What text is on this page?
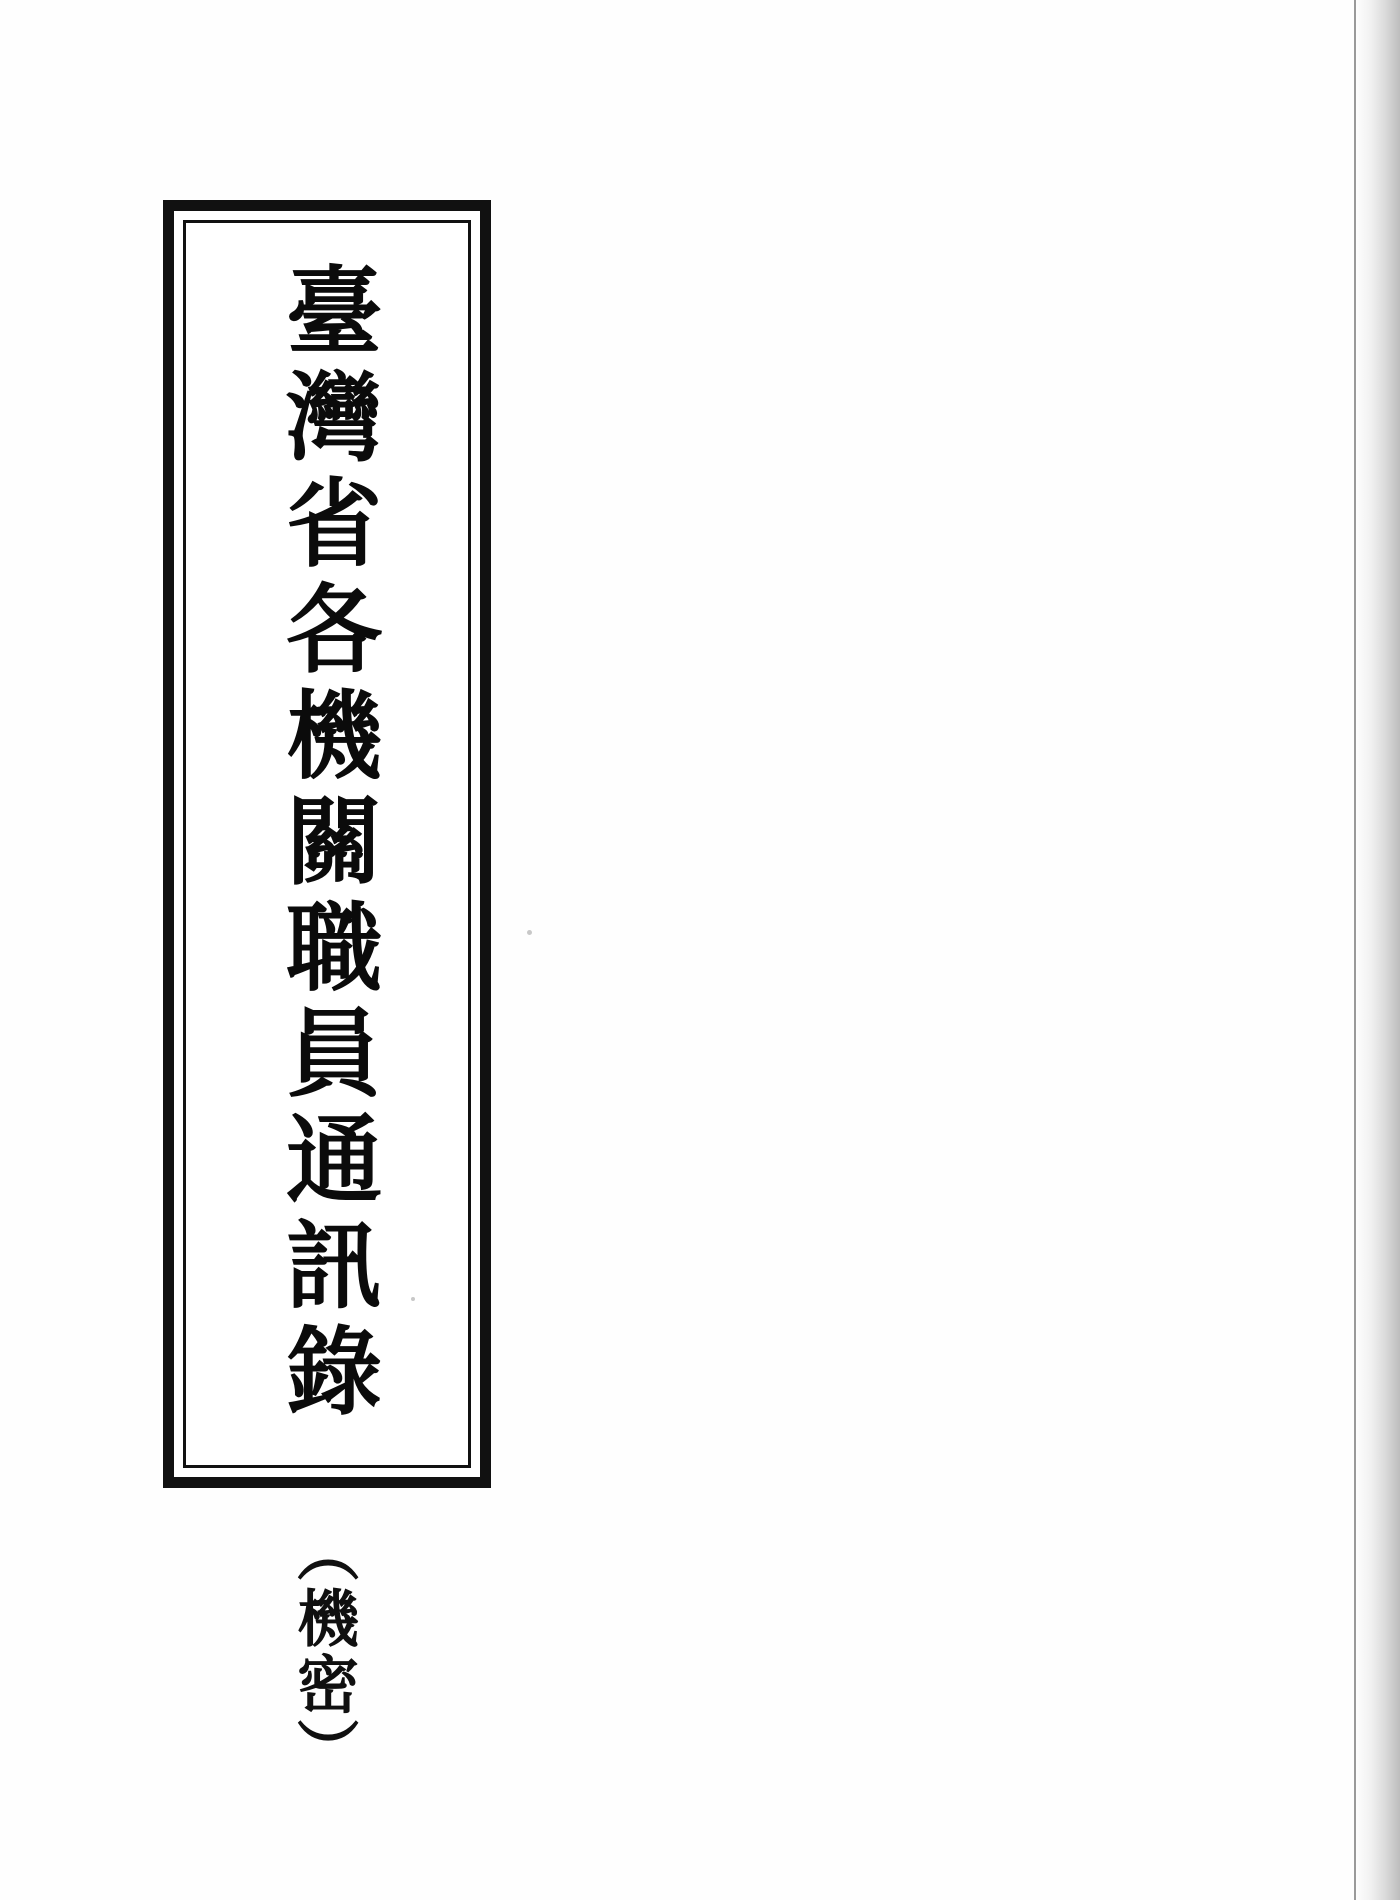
臺灣省各機關職員通訊錄
（機密）
